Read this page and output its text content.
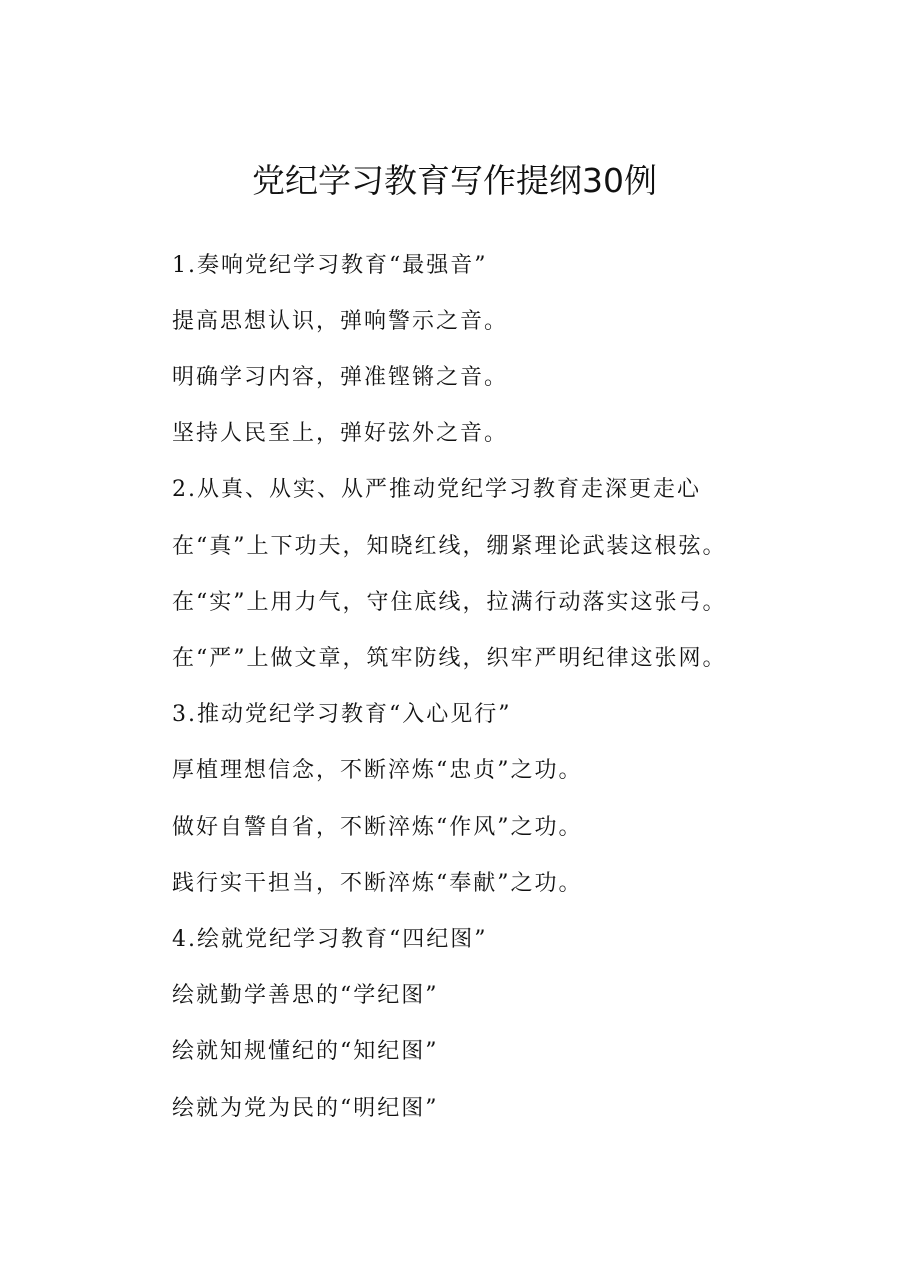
党纪学习教育写作提纲30例
1.奏响党纪学习教育“最强音”
提高思想认识，弹响警示之音。
明确学习内容，弹准铿锵之音。
坚持人民至上，弹好弦外之音。
2.从真、从实、从严推动党纪学习教育走深更走心
在“真”上下功夫，知晓红线，绷紧理论武装这根弦。
在“实”上用力气，守住底线，拉满行动落实这张弓。
在“严”上做文章，筑牢防线，织牢严明纪律这张网。
3.推动党纪学习教育“入心见行”
厚植理想信念，不断淬炼“忠贞”之功。
做好自警自省，不断淬炼“作风”之功。
践行实干担当，不断淬炼“奉献”之功。
4.绘就党纪学习教育“四纪图”
绘就勤学善思的“学纪图”
绘就知规懂纪的“知纪图”
绘就为党为民的“明纪图”
